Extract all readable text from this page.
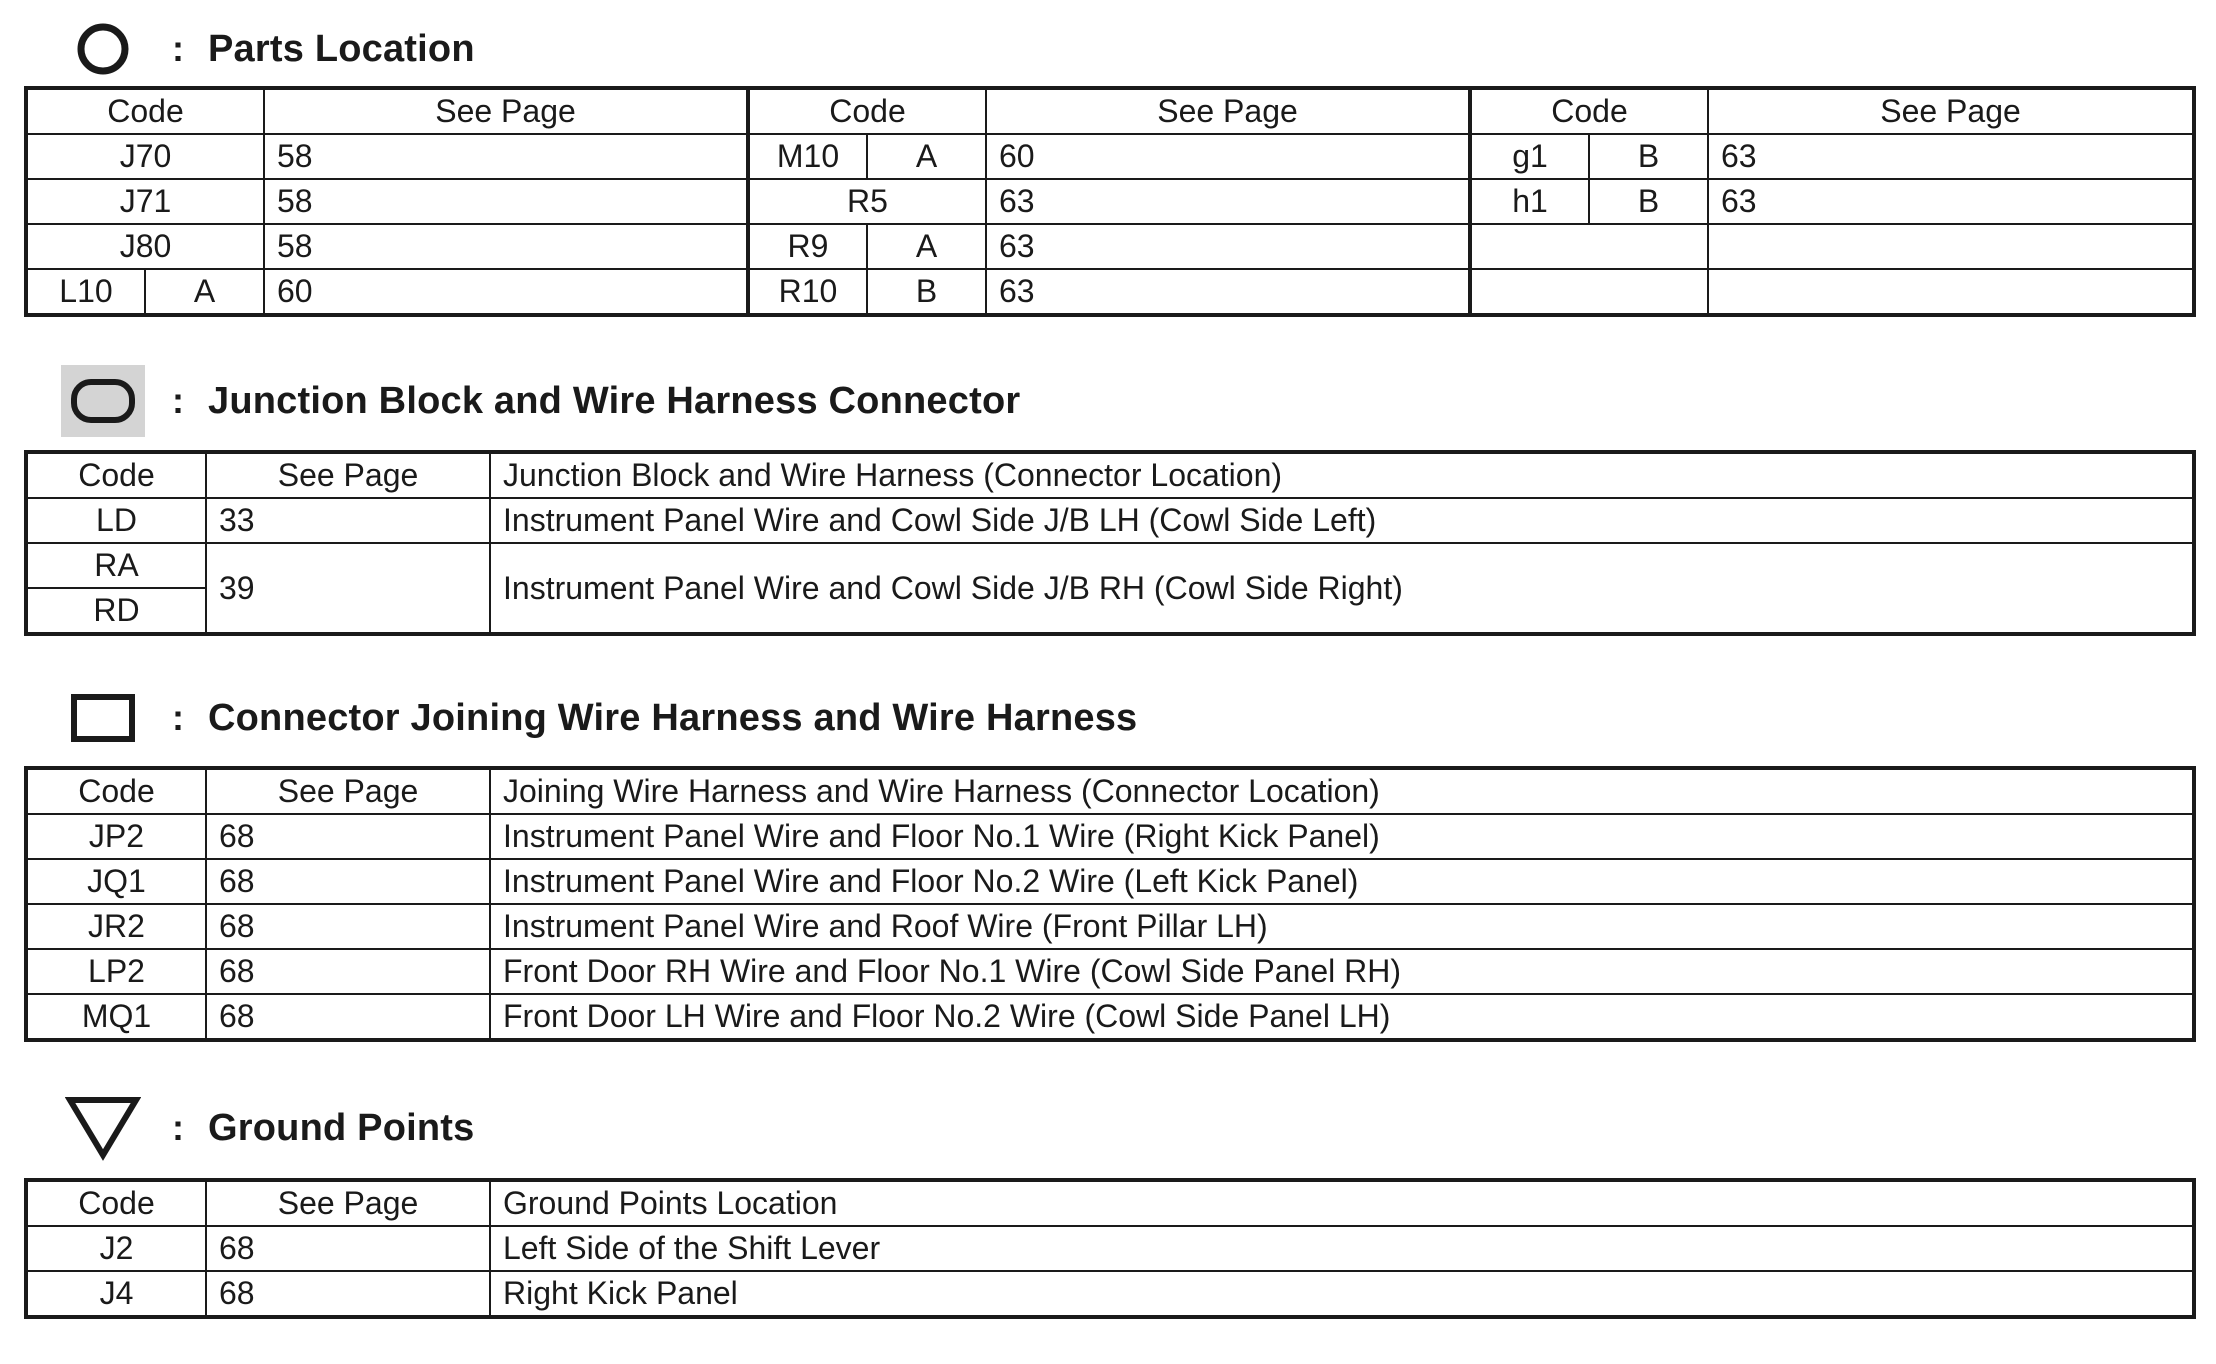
: Parts Location
Code		See Page	Code		See Page	Code		See Page
J70		58	M10	A	60	g1	B	63
J71		58	R5		63	h1	B	63
J80		58	R9	A	63			
L10	A	60	R10	B	63			
: Junction Block and Wire Harness Connector
Code	See Page	Junction Block and Wire Harness (Connector Location)
LD	33	Instrument Panel Wire and Cowl Side J/B LH (Cowl Side Left)
RA	39	Instrument Panel Wire and Cowl Side J/B RH (Cowl Side Right)
RD		
: Connector Joining Wire Harness and Wire Harness
Code	See Page	Joining Wire Harness and Wire Harness (Connector Location)
JP2	68	Instrument Panel Wire and Floor No.1 Wire (Right Kick Panel)
JQ1	68	Instrument Panel Wire and Floor No.2 Wire (Left Kick Panel)
JR2	68	Instrument Panel Wire and Roof Wire (Front Pillar LH)
LP2	68	Front Door RH Wire and Floor No.1 Wire (Cowl Side Panel RH)
MQ1	68	Front Door LH Wire and Floor No.2 Wire (Cowl Side Panel LH)
: Ground Points
Code	See Page	Ground Points Location
J2	68	Left Side of the Shift Lever
J4	68	Right Kick Panel
